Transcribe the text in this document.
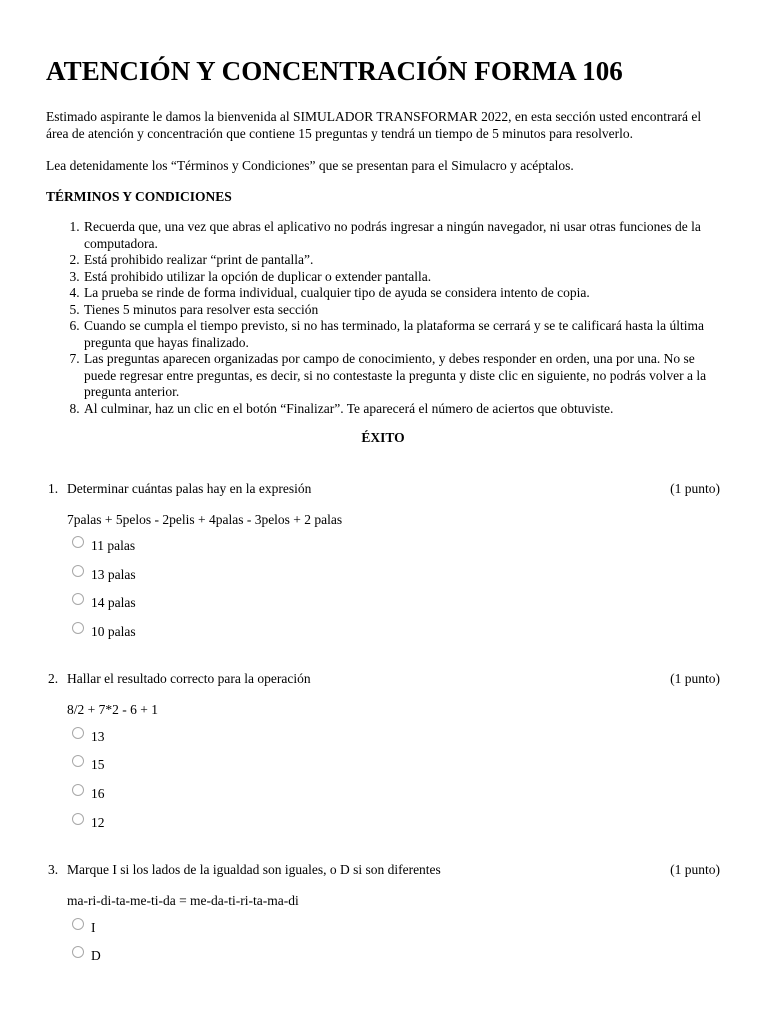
ATENCIÓN Y CONCENTRACIÓN FORMA 106

Estimado aspirante le damos la bienvenida al SIMULADOR TRANSFORMAR 2022, en esta sección usted encontrará el área de atención y concentración que contiene 15 preguntas y tendrá un tiempo de 5 minutos para resolverlo.

Lea detenidamente los “Términos y Condiciones” que se presentan para el Simulacro y acéptalos.

TÉRMINOS Y CONDICIONES

1. Recuerda que, una vez que abras el aplicativo no podrás ingresar a ningún navegador, ni usar otras funciones de la computadora.
2. Está prohibido realizar “print de pantalla”.
3. Está prohibido utilizar la opción de duplicar o extender pantalla.
4. La prueba se rinde de forma individual, cualquier tipo de ayuda se considera intento de copia.
5. Tienes 5 minutos para resolver esta sección
6. Cuando se cumpla el tiempo previsto, si no has terminado, la plataforma se cerrará y se te calificará hasta la última pregunta que hayas finalizado.
7. Las preguntas aparecen organizadas por campo de conocimiento, y debes responder en orden, una por una. No se puede regresar entre preguntas, es decir, si no contestaste la pregunta y diste clic en siguiente, no podrás volver a la pregunta anterior.
8. Al culminar, haz un clic en el botón “Finalizar”. Te aparecerá el número de aciertos que obtuviste.

ÉXITO

1. Determinar cuántas palas hay en la expresión	(1 punto)

7palas + 5pelos - 2pelis + 4palas - 3pelos + 2 palas

11 palas
13 palas
14 palas
10 palas
2. Hallar el resultado correcto para la operación	(1 punto)

8/2 + 7*2 - 6 + 1

13
15
16
12
3. Marque I si los lados de la igualdad son iguales, o D si son diferentes	(1 punto)

ma-ri-di-ta-me-ti-da = me-da-ti-ri-ta-ma-di

I
D
